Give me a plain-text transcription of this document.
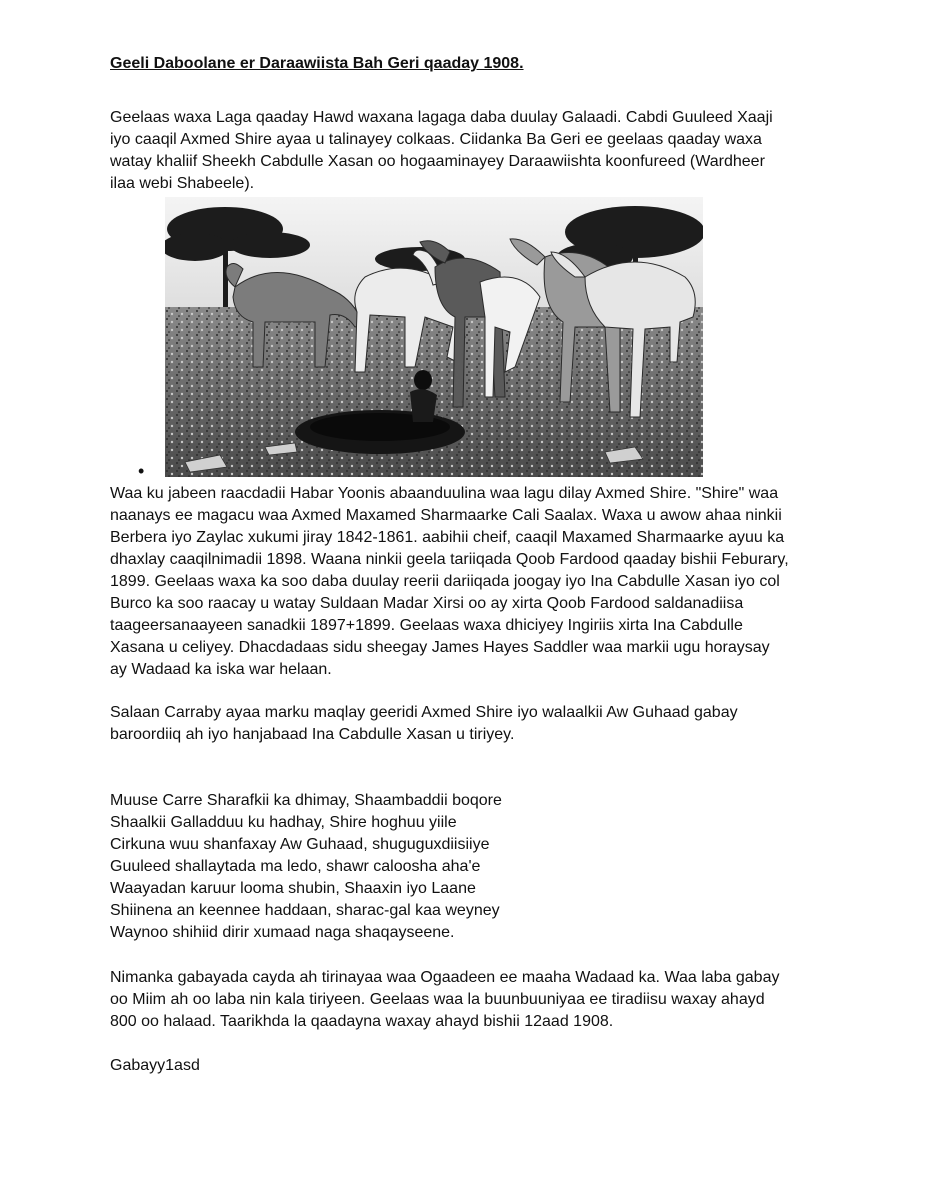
Geeli Daboolane er Daraawiista Bah Geri qaaday 1908.

Geelaas waxa Laga qaaday Hawd waxana lagaga daba duulay Galaadi. Cabdi Guuleed Xaaji
iyo caaqil Axmed Shire ayaa u talinayey colkaas. Ciidanka Ba Geri ee geelaas qaaday waxa
watay khaliif Sheekh Cabdulle Xasan oo hogaaminayey Daraawiishta koonfureed (Wardheer
ilaa webi Shabeele).

•

Waa ku jabeen raacdadii Habar Yoonis abaanduulina waa lagu dilay Axmed Shire. "Shire" waa
naanays ee magacu waa Axmed Maxamed Sharmaarke Cali Saalax. Waxa u awow ahaa ninkii
Berbera iyo Zaylac xukumi jiray 1842-1861. aabihii cheif, caaqil Maxamed Sharmaarke ayuu ka
dhaxlay caaqilnimadii 1898. Waana ninkii geela tariiqada Qoob Fardood qaaday bishii Feburary,
1899. Geelaas waxa ka soo daba duulay reerii dariiqada joogay iyo Ina Cabdulle Xasan iyo col
Burco ka soo raacay u watay Suldaan Madar Xirsi oo ay xirta Qoob Fardood saldanadiisa
taageersanaayeen sanadkii 1897+1899. Geelaas waxa dhiciyey Ingiriis xirta Ina Cabdulle
Xasana u celiyey. Dhacdadaas sidu sheegay James Hayes Saddler waa markii ugu horaysay
ay Wadaad ka iska war helaan.

Salaan Carraby ayaa marku maqlay geeridi Axmed Shire iyo walaalkii Aw Guhaad gabay
baroordiiq ah iyo hanjabaad Ina Cabdulle Xasan u tiriyey.

Muuse Carre Sharafkii ka dhimay, Shaambaddii boqore
Shaalkii Galladduu ku hadhay, Shire hoghuu yiile
Cirkuna wuu shanfaxay Aw Guhaad, shuguguxdiisiiye
Guuleed shallaytada ma ledo, shawr caloosha aha'e
Waayadan karuur looma shubin, Shaaxin iyo Laane
Shiinena an keennee haddaan, sharac-gal kaa weyney
Waynoo shihiid dirir xumaad naga shaqayseene.

Nimanka gabayada cayda ah tirinayaa waa Ogaadeen ee maaha Wadaad ka. Waa laba gabay
oo Miim ah oo laba nin kala tiriyeen. Geelaas waa la buunbuuniyaa ee tiradiisu waxay ahayd
800 oo halaad. Taarikhda la qaadayna waxay ahayd bishii 12aad 1908.

Gabayy1asd
